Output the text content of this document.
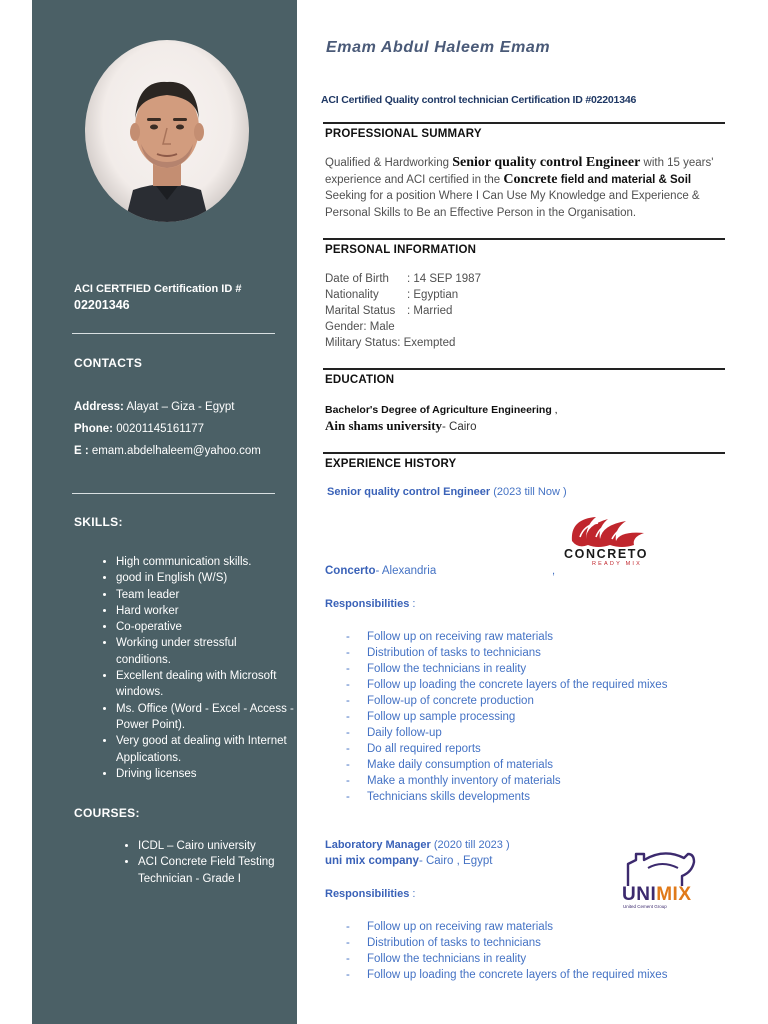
ACI CERTFIED Certification ID #
02201346
CONTACTS
Address: Alayat – Giza - Egypt
Phone: 00201145161177
E : emam.abdelhaleem@yahoo.com
SKILLS:
• High communication skills.
• good in English (W/S)
• Team leader
• Hard worker
• Co-operative
• Working under stressful conditions.
• Excellent dealing with Microsoft windows.
• Ms. Office (Word - Excel - Access - Power Point).
• Very good at dealing with Internet Applications.
• Driving licenses
COURSES:
• ICDL – Cairo university
• ACI Concrete Field Testing Technician - Grade I
Emam Abdul Haleem Emam
ACI Certified Quality control technician Certification ID #02201346
PROFESSIONAL SUMMARY
Qualified & Hardworking Senior quality control Engineer with 15 years' experience and ACI certified in the Concrete field and material & Soil Seeking for a position Where I Can Use My Knowledge and Experience & Personal Skills to Be an Effective Person in the Organisation.
PERSONAL INFORMATION
Date of Birth : 14 SEP 1987
Nationality : Egyptian
Marital Status : Married
Gender: Male
Military Status: Exempted
EDUCATION
Bachelor's Degree of Agriculture Engineering ,
Ain shams university- Cairo
EXPERIENCE HISTORY
Senior quality control Engineer (2023 till Now )
CONCRETO
READY MIX
Concerto- Alexandria	,
Responsibilities :
- Follow up on receiving raw materials
- Distribution of tasks to technicians
- Follow the technicians in reality
- Follow up loading the concrete layers of the required mixes
- Follow-up of concrete production
- Follow up sample processing
- Daily follow-up
- Do all required reports
- Make daily consumption of materials
- Make a monthly inventory of materials
- Technicians skills developments
Laboratory Manager (2020 till 2023 )
uni mix company- Cairo , Egypt
UNIMIX
United Cement Group
Responsibilities :
- Follow up on receiving raw materials
- Distribution of tasks to technicians
- Follow the technicians in reality
- Follow up loading the concrete layers of the required mixes
